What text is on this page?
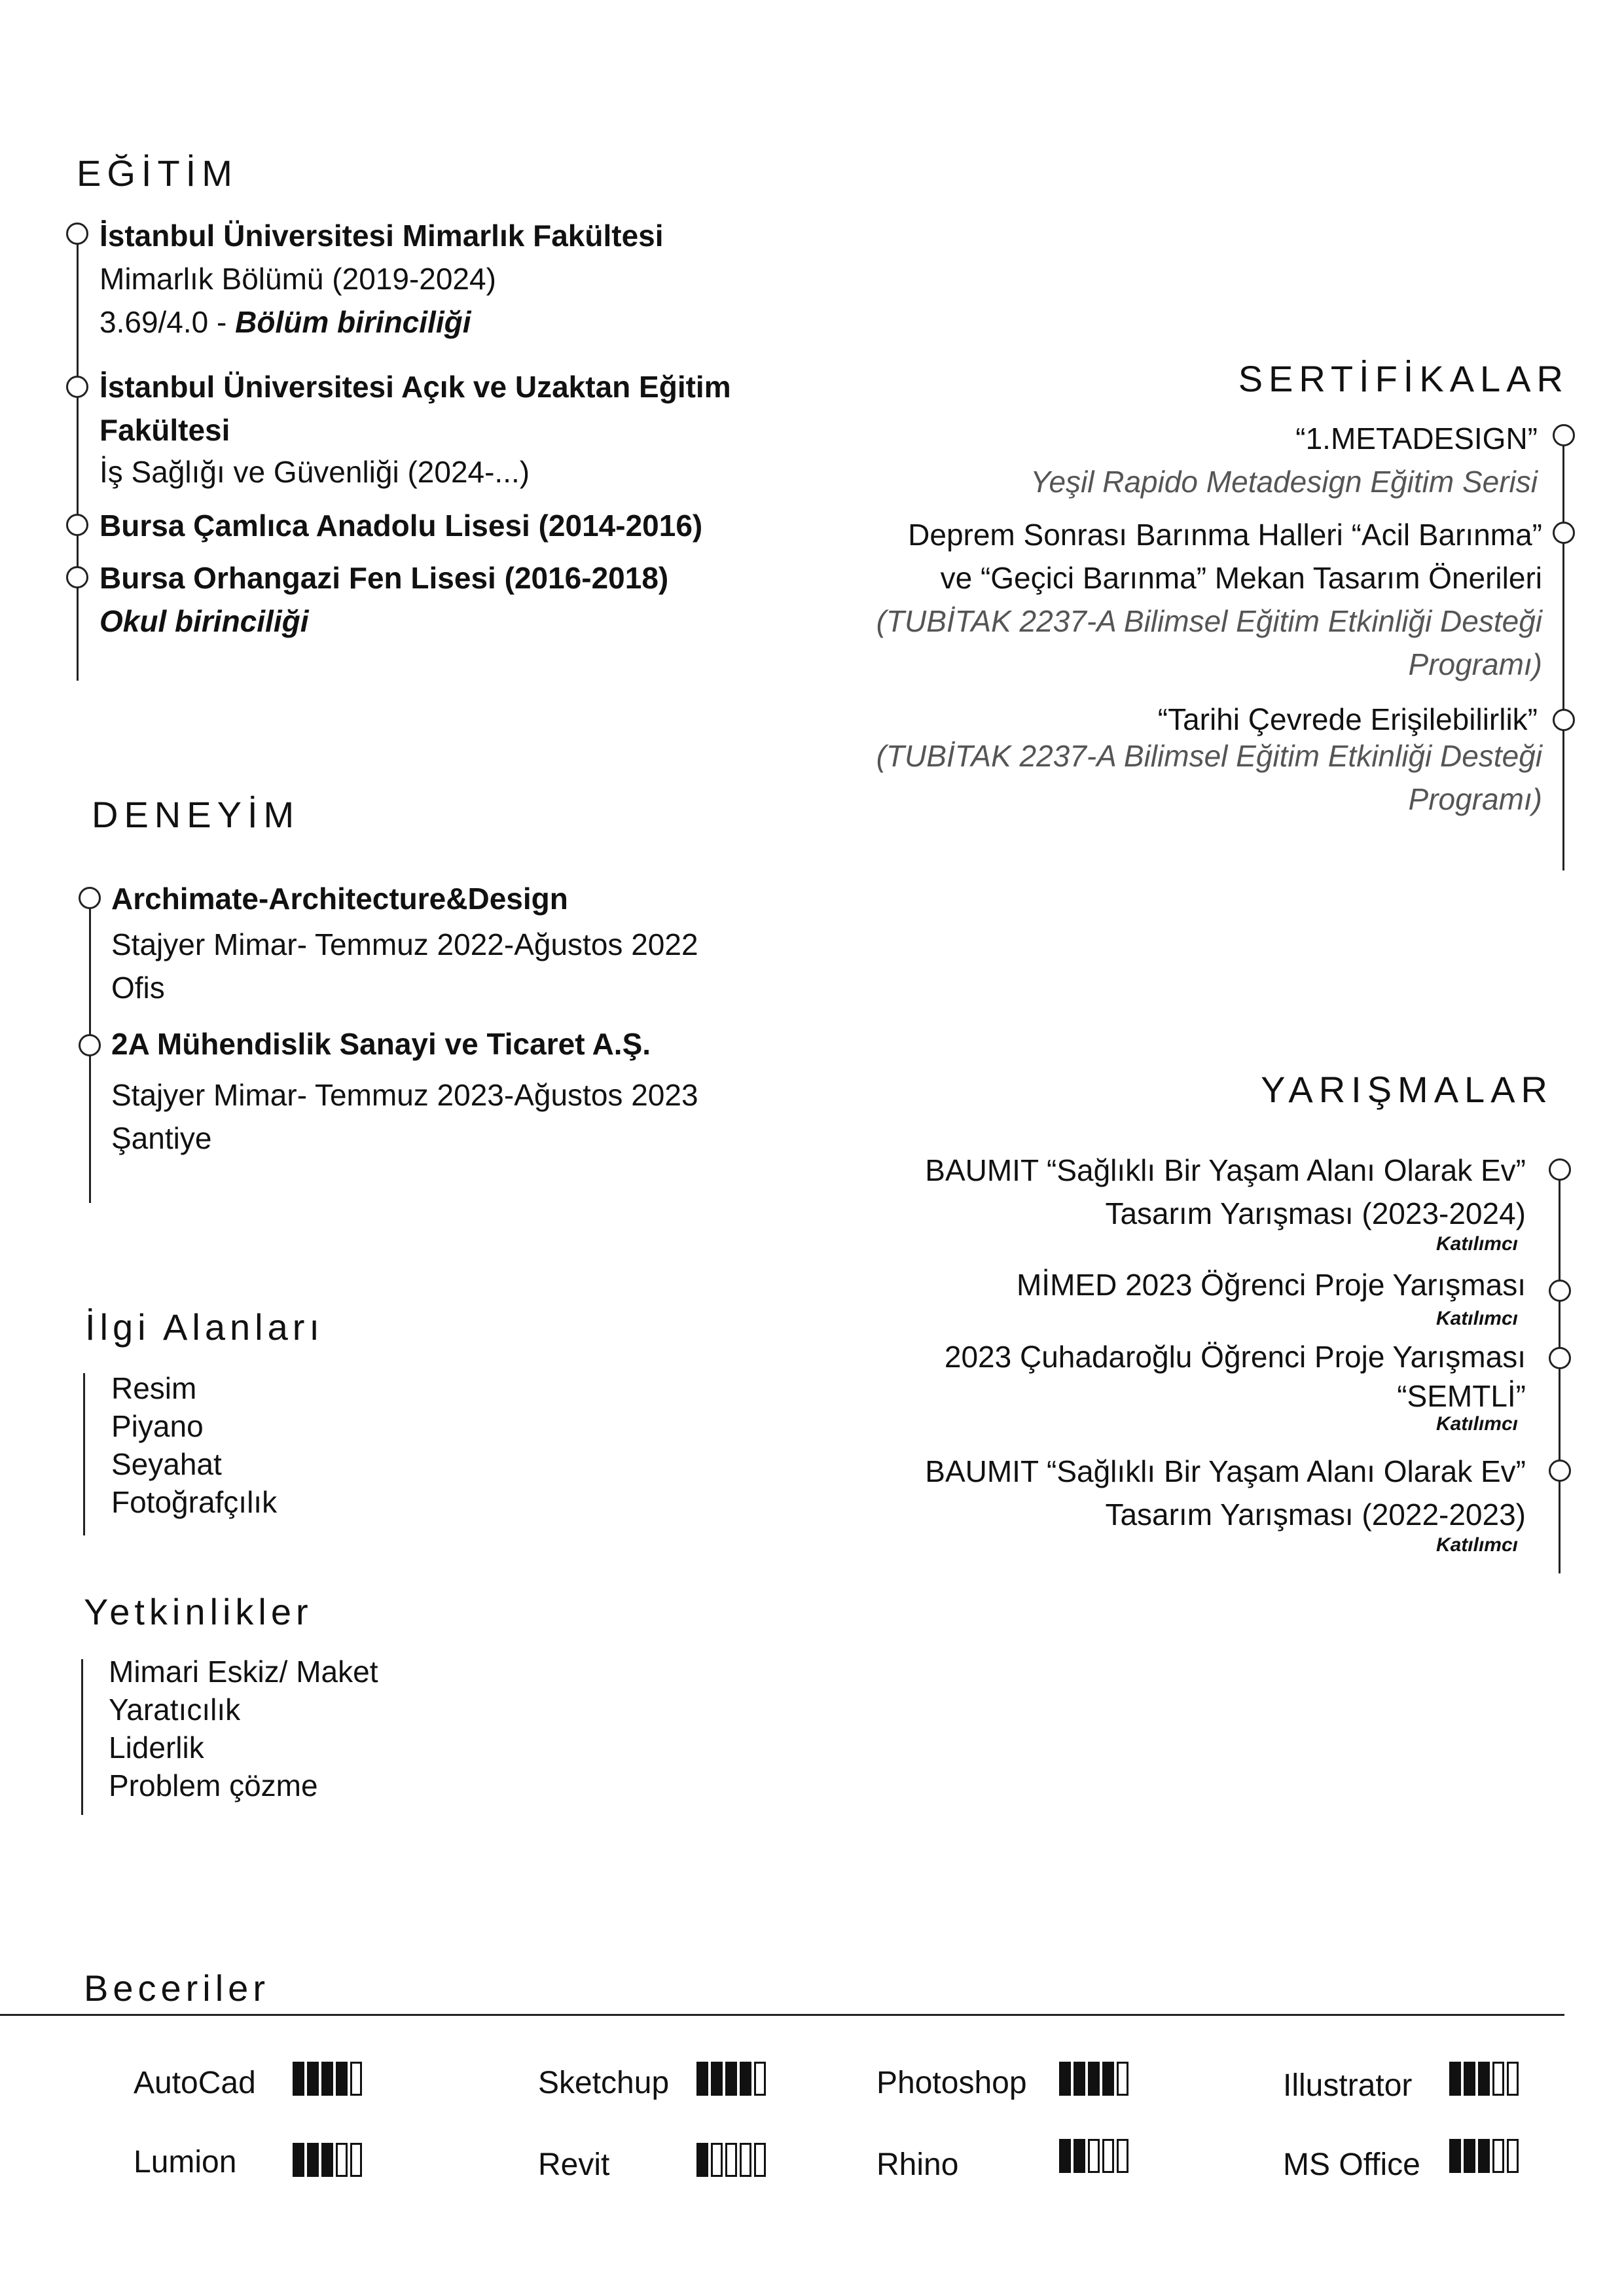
EĞİTİM
İstanbul Üniversitesi Mimarlık Fakültesi
Mimarlık Bölümü (2019-2024)
3.69/4.0 - Bölüm birinciliği
İstanbul Üniversitesi Açık ve Uzaktan Eğitim
Fakültesi
İş Sağlığı ve Güvenliği (2024-...)
Bursa Çamlıca Anadolu Lisesi (2014-2016)
Bursa Orhangazi Fen Lisesi (2016-2018)
Okul birinciliği
DENEYİM
Archimate-Architecture&Design
Stajyer Mimar- Temmuz 2022-Ağustos 2022
Ofis
2A Mühendislik Sanayi ve Ticaret A.Ş.
Stajyer Mimar- Temmuz 2023-Ağustos 2023
Şantiye
İlgi Alanları
Resim
Piyano
Seyahat
Fotoğrafçılık
Yetkinlikler
Mimari Eskiz/ Maket
Yaratıcılık
Liderlik
Problem çözme
SERTİFİKALAR
“1.METADESIGN”
Yeşil Rapido Metadesign Eğitim Serisi
Deprem Sonrası Barınma Halleri “Acil Barınma”
ve “Geçici Barınma” Mekan Tasarım Önerileri
(TUBİTAK 2237-A Bilimsel Eğitim Etkinliği Desteği
Programı)
“Tarihi Çevrede Erişilebilirlik”
(TUBİTAK 2237-A Bilimsel Eğitim Etkinliği Desteği
Programı)
YARIŞMALAR
BAUMIT “Sağlıklı Bir Yaşam Alanı Olarak Ev”
Tasarım Yarışması (2023-2024)
Katılımcı
MİMED 2023 Öğrenci Proje Yarışması
Katılımcı
2023 Çuhadaroğlu Öğrenci Proje Yarışması
“SEMTLİ”
Katılımcı
BAUMIT “Sağlıklı Bir Yaşam Alanı Olarak Ev”
Tasarım Yarışması (2022-2023)
Katılımcı
Beceriler
AutoCad	Sketchup	Photoshop	Illustrator
Lumion	Revit	Rhino	MS Office
